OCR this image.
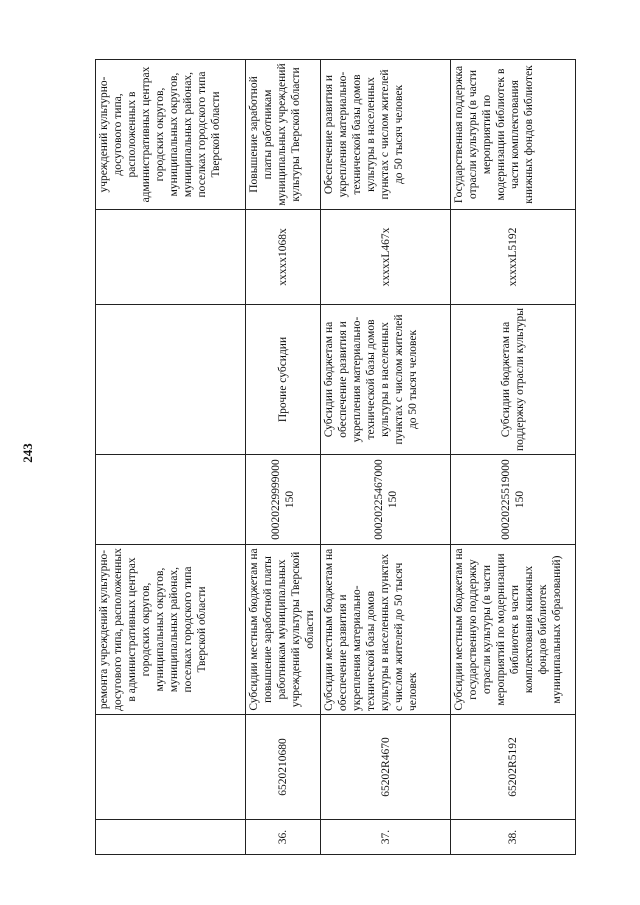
243
		ремонта учреждений культурно-досугового типа, расположенных в административных центрах городских округов, муниципальных округов, муниципальных районах, поселках городского типа Тверской области				учреждений культурно-досугового типа, расположенных в административных центрах городских округов, муниципальных округов, муниципальных районах, поселках городского типа Тверской области
36.	6520210680	Субсидии местным бюджетам на повышение заработной платы работникам муниципальных учреждений культуры Тверской области	00020229999000 150	Прочие субсидии	xxxxx1068x	Повышение заработной платы работникам муниципальных учреждений культуры Тверской области
37.	65202R4670	Субсидии местным бюджетам на обеспечение развития и укрепления материально-технической базы домов культуры в населенных пунктах с числом жителей до 50 тысяч человек	00020225467000 150	Субсидии бюджетам на обеспечение развития и укрепления материально-технической базы домов культуры в населенных пунктах с числом жителей до 50 тысяч человек	xxxxxL467x	Обеспечение развития и укрепления материально-технической базы домов культуры в населенных пунктах с числом жителей до 50 тысяч человек
38.	65202R5192	Субсидии местным бюджетам на государственную поддержку отрасли культуры (в части мероприятий по модернизации библиотек в части комплектования книжных фондов библиотек муниципальных образований)	00020225519000 150	Субсидии бюджетам на поддержку отрасли культуры	xxxxxL5192	Государственная поддержка отрасли культуры (в части мероприятий по модернизации библиотек в части комплектования книжных фондов библиотек
